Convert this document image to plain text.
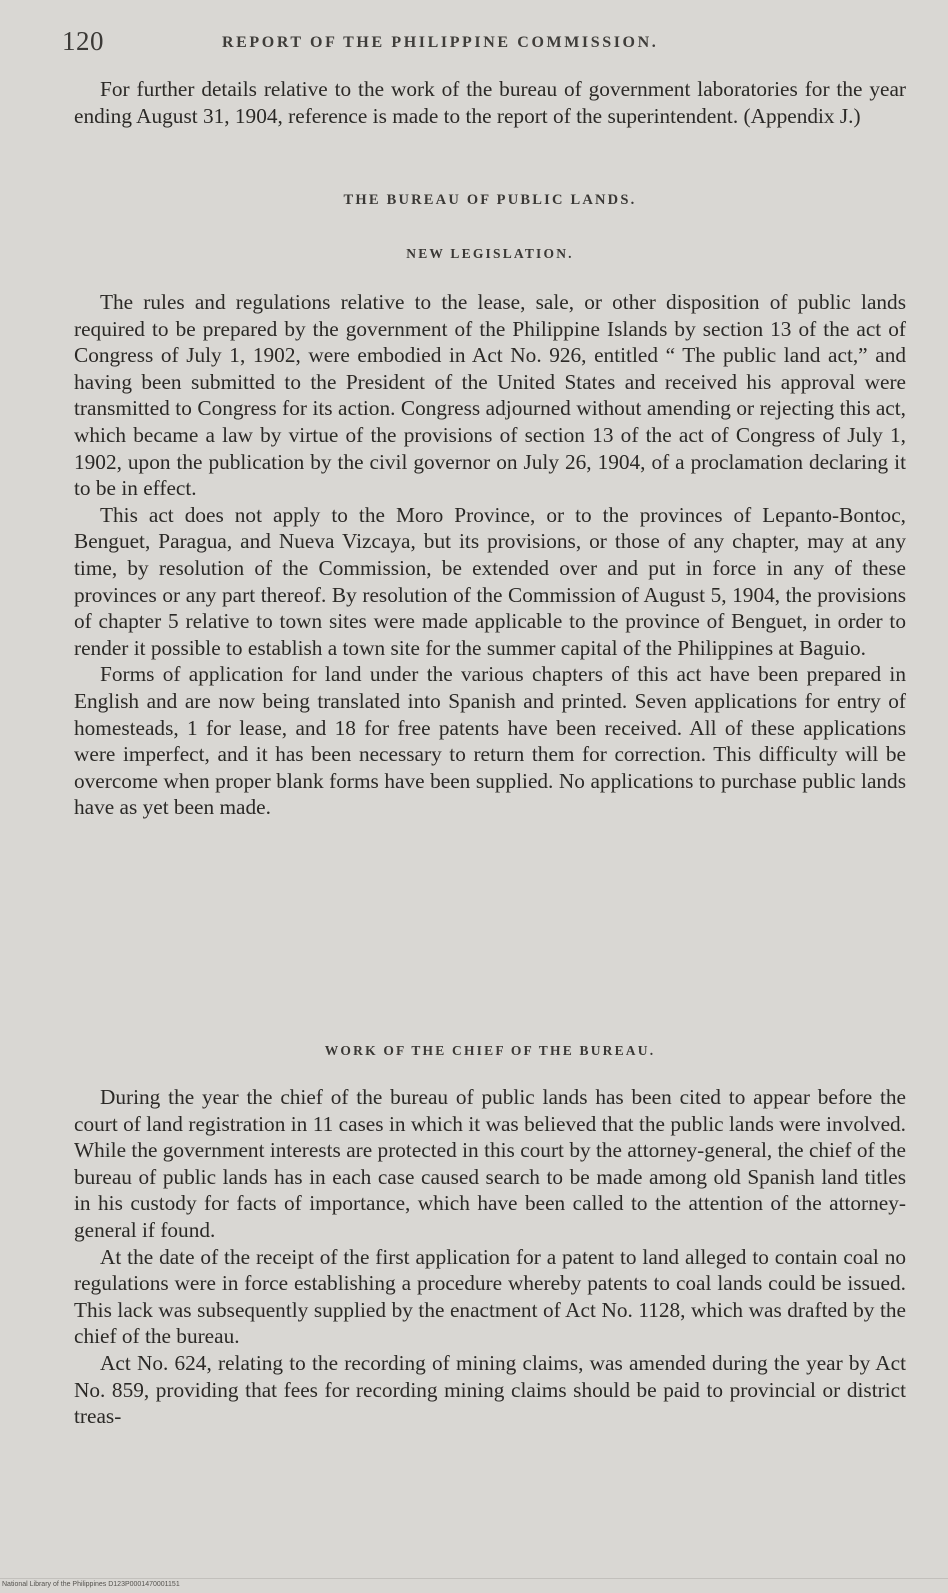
120	REPORT OF THE PHILIPPINE COMMISSION.

For further details relative to the work of the bureau of government laboratories for the year ending August 31, 1904, reference is made to the report of the superintendent. (Appendix J.)

THE BUREAU OF PUBLIC LANDS.
NEW LEGISLATION.

The rules and regulations relative to the lease, sale, or other disposition of public lands required to be prepared by the government of the Philippine Islands by section 13 of the act of Congress of July 1, 1902, were embodied in Act No. 926, entitled “ The public land act,” and having been submitted to the President of the United States and received his approval were transmitted to Congress for its action. Congress adjourned without amending or rejecting this act, which became a law by virtue of the provisions of section 13 of the act of Congress of July 1, 1902, upon the publication by the civil governor on July 26, 1904, of a proclamation declaring it to be in effect.

This act does not apply to the Moro Province, or to the provinces of Lepanto-Bontoc, Benguet, Paragua, and Nueva Vizcaya, but its provisions, or those of any chapter, may at any time, by resolution of the Commission, be extended over and put in force in any of these provinces or any part thereof. By resolution of the Commission of August 5, 1904, the provisions of chapter 5 relative to town sites were made applicable to the province of Benguet, in order to render it possible to establish a town site for the summer capital of the Philippines at Baguio.

Forms of application for land under the various chapters of this act have been prepared in English and are now being translated into Spanish and printed. Seven applications for entry of homesteads, 1 for lease, and 18 for free patents have been received. All of these applications were imperfect, and it has been necessary to return them for correction. This difficulty will be overcome when proper blank forms have been supplied. No applications to purchase public lands have as yet been made.

WORK OF THE CHIEF OF THE BUREAU.

During the year the chief of the bureau of public lands has been cited to appear before the court of land registration in 11 cases in which it was believed that the public lands were involved. While the government interests are protected in this court by the attorney-general, the chief of the bureau of public lands has in each case caused search to be made among old Spanish land titles in his custody for facts of importance, which have been called to the attention of the attorney-general if found.

At the date of the receipt of the first application for a patent to land alleged to contain coal no regulations were in force establishing a procedure whereby patents to coal lands could be issued. This lack was subsequently supplied by the enactment of Act No. 1128, which was drafted by the chief of the bureau.

Act No. 624, relating to the recording of mining claims, was amended during the year by Act No. 859, providing that fees for recording mining claims should be paid to provincial or district treas-

National Library of the Philippines D123P0001470001151
